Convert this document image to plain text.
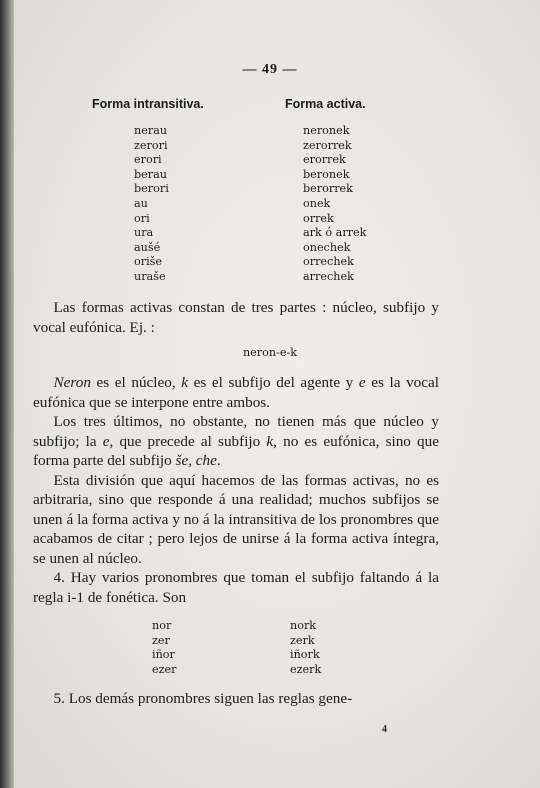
— 49 —
Forma intransitiva.	Forma activa.
nerau
zerori
erori
berau
berori
au
ori
ura
aušé
oriše
uraše
neronek
zerorrek
erorrek
beronek
berorrek
onek
orrek
ark ó arrek
onechek
orrechek
arrechek

Las formas activas constan de tres partes : núcleo, subfijo y vocal eufónica. Ej. :

neron-e-k

Neron es el núcleo, k es el subfijo del agente y e es la vocal eufónica que se interpone entre ambos.

Los tres últimos, no obstante, no tienen más que núcleo y subfijo; la e, que precede al subfijo k, no es eufónica, sino que forma parte del subfijo še, che.

Esta división que aquí hacemos de las formas activas, no es arbitraria, sino que responde á una realidad; muchos subfijos se unen á la forma activa y no á la intransitiva de los pronombres que acabamos de citar ; pero lejos de unirse á la forma activa íntegra, se unen al núcleo.

4. Hay varios pronombres que toman el subfijo faltando á la regla i-1 de fonética. Son

nor
zer
iñor
ezer
nork
zerk
iñork
ezerk

5. Los demás pronombres siguen las reglas gene-

4
